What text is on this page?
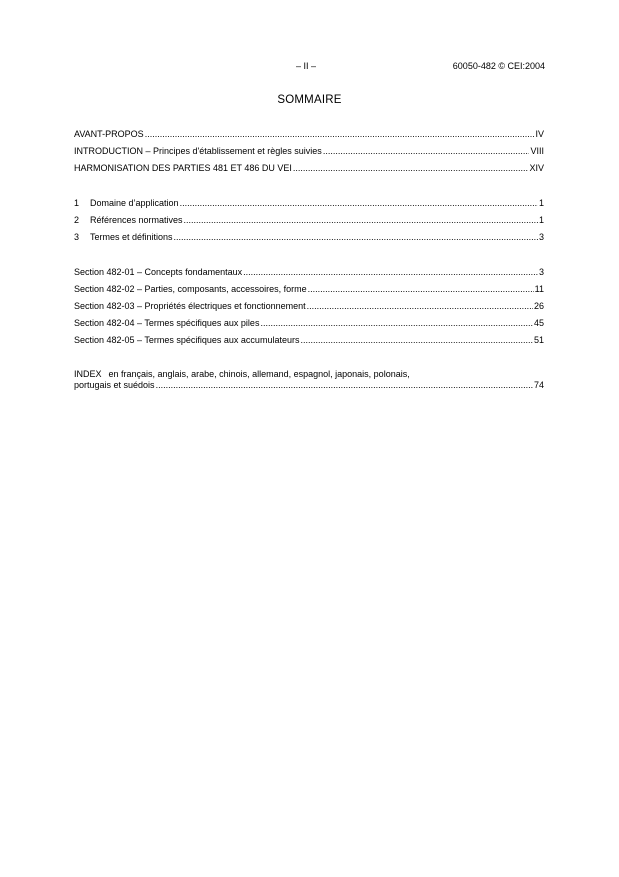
– II –	60050-482 © CEI:2004
SOMMAIRE
AVANT-PROPOS .....	IV
INTRODUCTION – Principes d'établissement et règles suivies .....	VIII
HARMONISATION DES PARTIES 481 ET 486 DU VEI .....	XIV
1	Domaine d’application .....	1
2	Références normatives .....	1
3	Termes et définitions .....	3
Section 482-01 – Concepts fondamentaux .....	3
Section 482-02 – Parties, composants, accessoires, forme .....	11
Section 482-03 – Propriétés électriques et fonctionnement .....	26
Section 482-04 – Termes spécifiques aux piles .....	45
Section 482-05 – Termes spécifiques aux accumulateurs .....	51
INDEX en français, anglais, arabe, chinois, allemand, espagnol, japonais, polonais,
portugais et suédois .....	74
